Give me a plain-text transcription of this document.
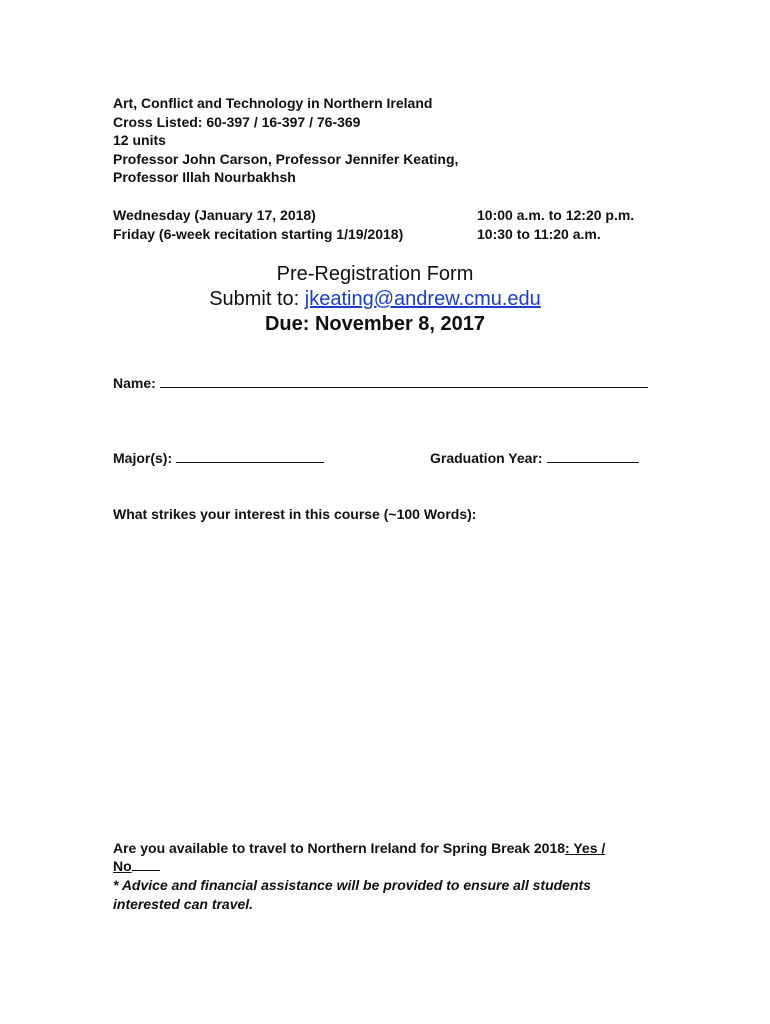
Art, Conflict and Technology in Northern Ireland
Cross Listed: 60-397 / 16-397 / 76-369
12 units
Professor John Carson, Professor Jennifer Keating,
Professor Illah Nourbakhsh
Wednesday (January 17, 2018)	10:00 a.m. to 12:20 p.m.
Friday (6-week recitation starting 1/19/2018)	10:30 to 11:20 a.m.
Pre-Registration Form
Submit to: jkeating@andrew.cmu.edu
Due: November 8, 2017
Name:
Major(s):	Graduation Year:
What strikes your interest in this course (~100 Words):
Are you available to travel to Northern Ireland for Spring Break 2018: Yes /
No
* Advice and financial assistance will be provided to ensure all students
interested can travel.
